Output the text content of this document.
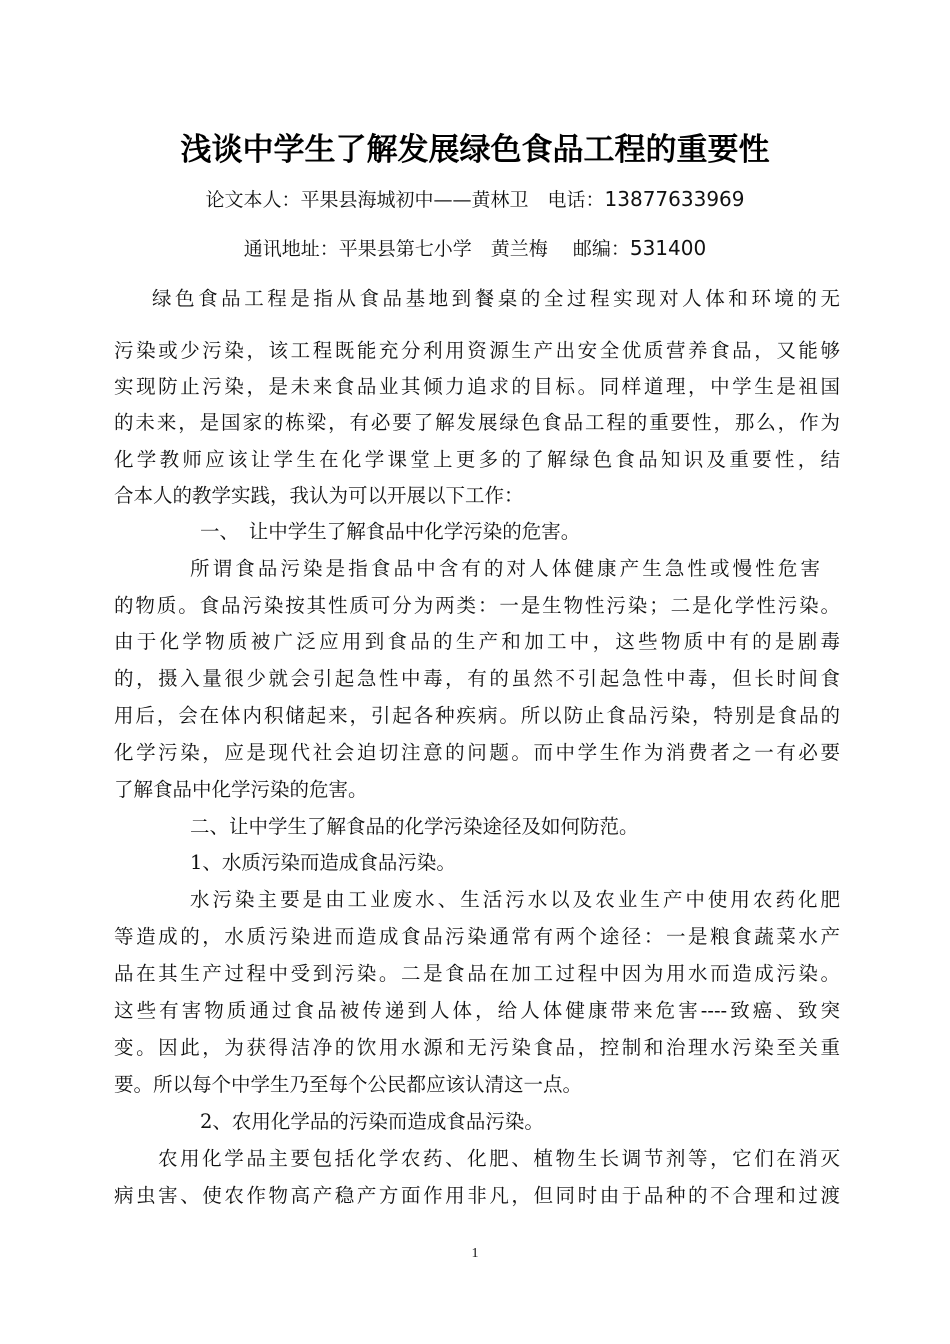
浅谈中学生了解发展绿色食品工程的重要性

论文本人：平果县海城初中——黄林卫　电话：13877633969

通讯地址：平果县第七小学　黄兰梅　 邮编：531400

绿色食品工程是指从食品基地到餐桌的全过程实现对人体和环境的无

污染或少污染，该工程既能充分利用资源生产出安全优质营养食品，又能够

实现防止污染，是未来食品业其倾力追求的目标。同样道理，中学生是祖国

的未来，是国家的栋梁，有必要了解发展绿色食品工程的重要性，那么，作为

化学教师应该让学生在化学课堂上更多的了解绿色食品知识及重要性，结

合本人的教学实践，我认为可以开展以下工作：

一、　让中学生了解食品中化学污染的危害。

所谓食品污染是指食品中含有的对人体健康产生急性或慢性危害

的物质。食品污染按其性质可分为两类：一是生物性污染；二是化学性污染。

由于化学物质被广泛应用到食品的生产和加工中，这些物质中有的是剧毒

的，摄入量很少就会引起急性中毒，有的虽然不引起急性中毒，但长时间食

用后，会在体内积储起来，引起各种疾病。所以防止食品污染，特别是食品的

化学污染，应是现代社会迫切注意的问题。而中学生作为消费者之一有必要

了解食品中化学污染的危害。

二、让中学生了解食品的化学污染途径及如何防范。

1、水质污染而造成食品污染。

水污染主要是由工业废水、生活污水以及农业生产中使用农药化肥

等造成的，水质污染进而造成食品污染通常有两个途径：一是粮食蔬菜水产

品在其生产过程中受到污染。二是食品在加工过程中因为用水而造成污染。

这些有害物质通过食品被传递到人体，给人体健康带来危害----致癌、致突

变。因此，为获得洁净的饮用水源和无污染食品，控制和治理水污染至关重

要。所以每个中学生乃至每个公民都应该认清这一点。

2、农用化学品的污染而造成食品污染。

农用化学品主要包括化学农药、化肥、植物生长调节剂等，它们在消灭

病虫害、使农作物高产稳产方面作用非凡，但同时由于品种的不合理和过渡

1
